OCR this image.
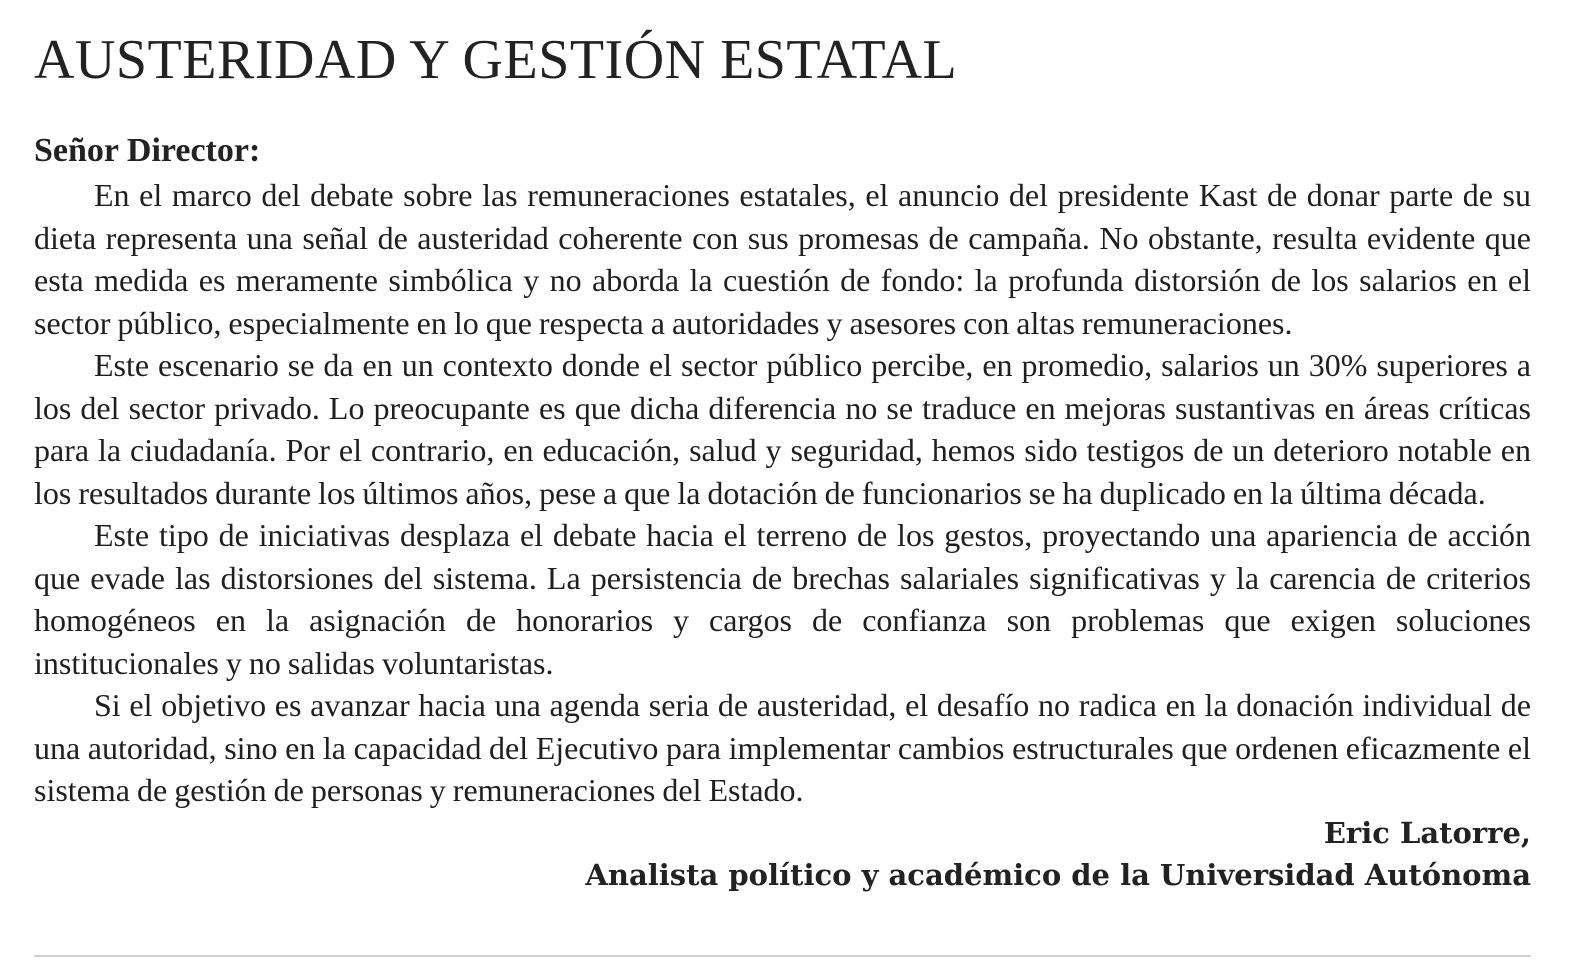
AUSTERIDAD Y GESTIÓN ESTATAL
Señor Director:

En el marco del debate sobre las remuneraciones estatales, el anuncio del presidente Kast de donar parte de su dieta representa una señal de austeridad coherente con sus promesas de campaña. No obstante, resulta evidente que esta medida es meramente simbólica y no aborda la cuestión de fondo: la profunda distorsión de los salarios en el sector público, especialmente en lo que respecta a autoridades y asesores con altas remuneraciones.

Este escenario se da en un contexto donde el sector público percibe, en promedio, salarios un 30% superiores a los del sector privado. Lo preocupante es que dicha diferencia no se traduce en mejoras sustantivas en áreas críticas para la ciudadanía. Por el contrario, en educación, salud y seguridad, hemos sido testigos de un deterioro notable en los resultados durante los últimos años, pese a que la dotación de funcionarios se ha duplicado en la última década.

Este tipo de iniciativas desplaza el debate hacia el terreno de los gestos, proyectando una apariencia de acción que evade las distorsiones del sistema. La persistencia de brechas salariales significativas y la carencia de criterios homogéneos en la asignación de honorarios y cargos de confianza son problemas que exigen soluciones institucionales y no salidas voluntaristas.

Si el objetivo es avanzar hacia una agenda seria de austeridad, el desafío no radica en la donación individual de una autoridad, sino en la capacidad del Ejecutivo para implementar cambios estructurales que ordenen eficazmente el sistema de gestión de personas y remuneraciones del Estado.

Eric Latorre,
Analista político y académico de la Universidad Autónoma
